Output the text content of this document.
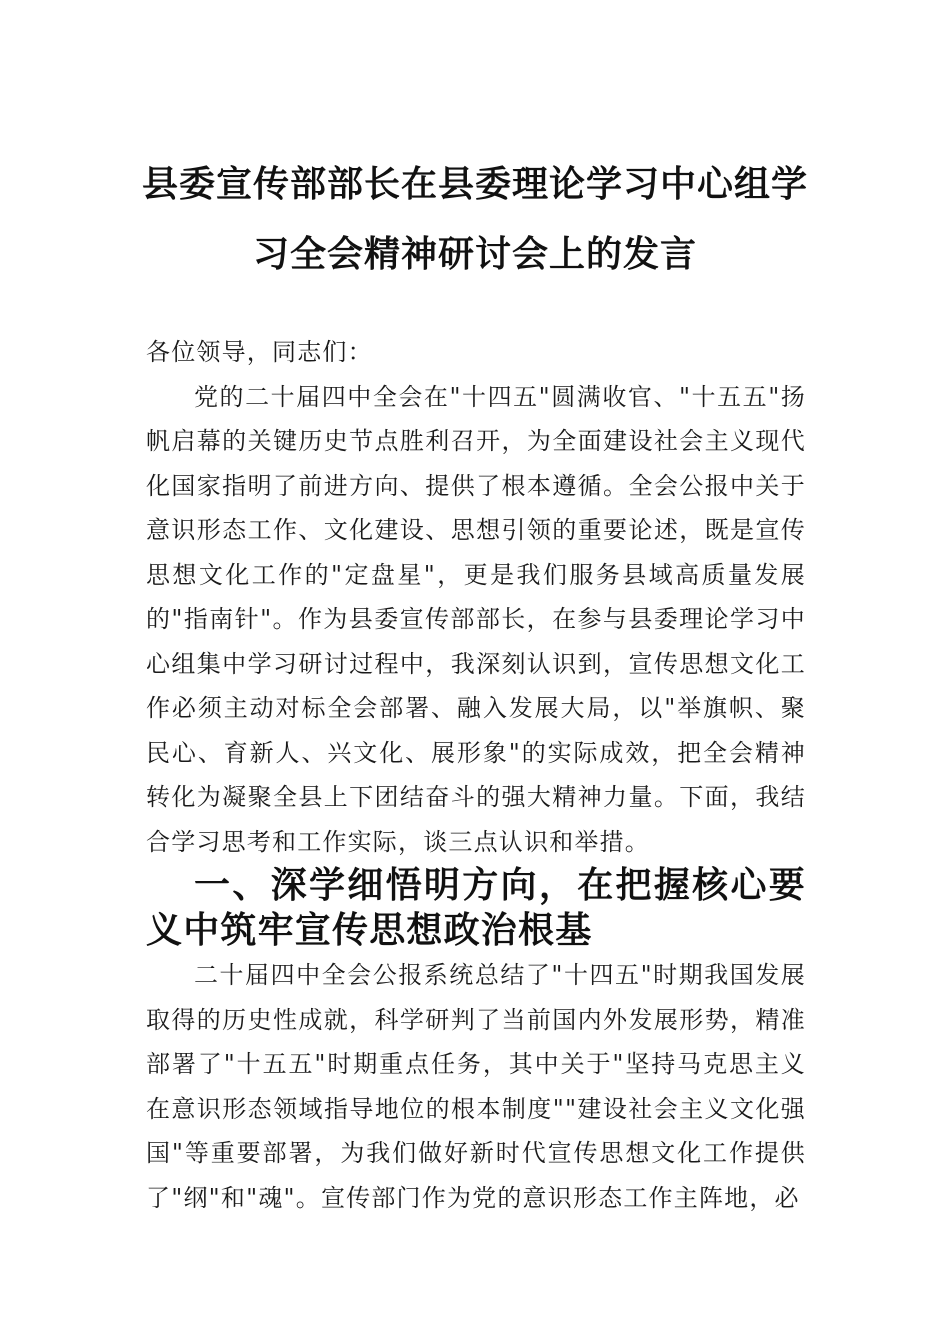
县委宣传部部长在县委理论学习中心组学
习全会精神研讨会上的发言

各位领导，同志们：

党的二十届四中全会在"十四五"圆满收官、"十五五"扬帆启幕的关键历史节点胜利召开，为全面建设社会主义现代化国家指明了前进方向、提供了根本遵循。全会公报中关于意识形态工作、文化建设、思想引领的重要论述，既是宣传思想文化工作的"定盘星"，更是我们服务县域高质量发展的"指南针"。作为县委宣传部部长，在参与县委理论学习中心组集中学习研讨过程中，我深刻认识到，宣传思想文化工作必须主动对标全会部署、融入发展大局，以"举旗帜、聚民心、育新人、兴文化、展形象"的实际成效，把全会精神转化为凝聚全县上下团结奋斗的强大精神力量。下面，我结合学习思考和工作实际，谈三点认识和举措。

一、深学细悟明方向，在把握核心要义中筑牢宣传思想政治根基

二十届四中全会公报系统总结了"十四五"时期我国发展取得的历史性成就，科学研判了当前国内外发展形势，精准部署了"十五五"时期重点任务，其中关于"坚持马克思主义在意识形态领域指导地位的根本制度""建设社会主义文化强国"等重要部署，为我们做好新时代宣传思想文化工作提供了"纲"和"魂"。宣传部门作为党的意识形态工作主阵地，必
